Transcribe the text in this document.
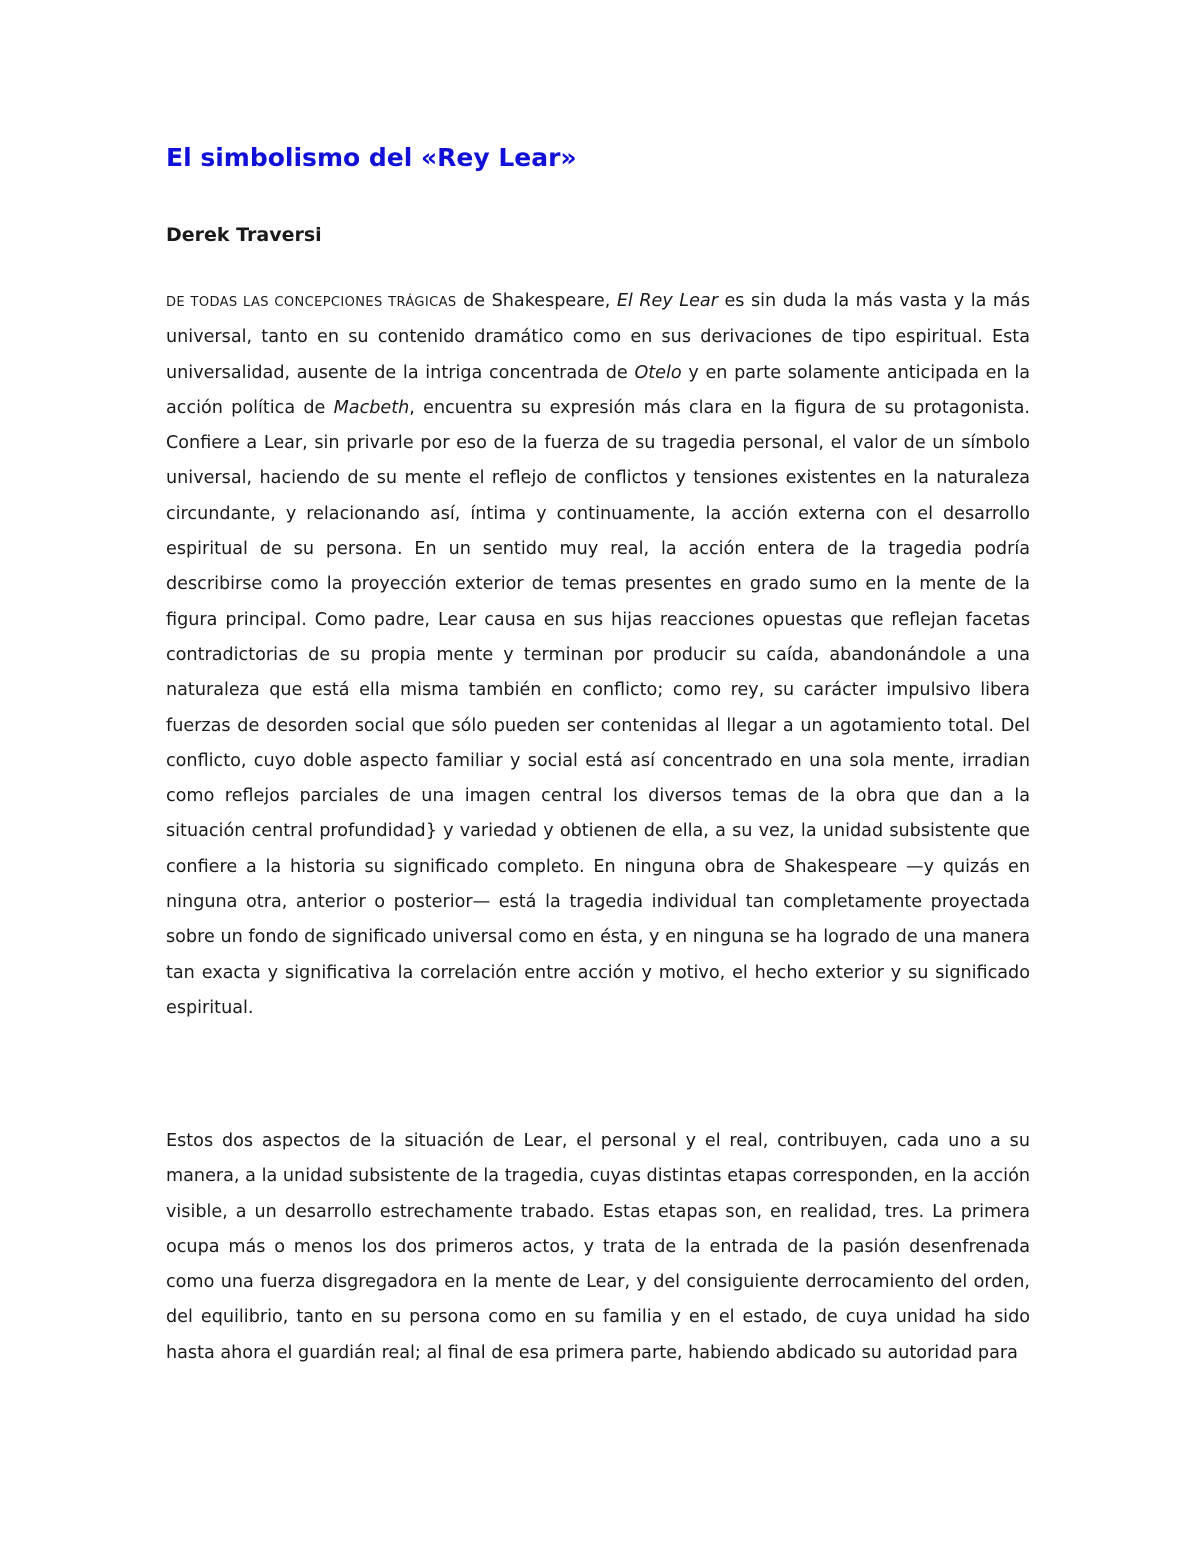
El simbolismo del «Rey Lear»
Derek Traversi

DE TODAS LAS CONCEPCIONES TRÁGICAS de Shakespeare, El Rey Lear es sin duda la más vasta y la más universal, tanto en su contenido dramático como en sus derivaciones de tipo espiritual. Esta universalidad, ausente de la intriga concentrada de Otelo y en parte solamente anticipada en la acción política de Macbeth, encuentra su expresión más clara en la figura de su protagonista. Confiere a Lear, sin privarle por eso de la fuerza de su tragedia personal, el valor de un símbolo universal, haciendo de su mente el reflejo de conflictos y tensiones existentes en la naturaleza circundante, y relacionando así, íntima y continuamente, la acción externa con el desarrollo espiritual de su persona. En un sentido muy real, la acción entera de la tragedia podría describirse como la proyección exterior de temas presentes en grado sumo en la mente de la figura principal. Como padre, Lear causa en sus hijas reacciones opuestas que reflejan facetas contradictorias de su propia mente y terminan por producir su caída, abandonándole a una naturaleza que está ella misma también en conflicto; como rey, su carácter impulsivo libera fuerzas de desorden social que sólo pueden ser contenidas al llegar a un agotamiento total. Del conflicto, cuyo doble aspecto familiar y social está así concentrado en una sola mente, irradian como reflejos parciales de una imagen central los diversos temas de la obra que dan a la situación central profundidad} y variedad y obtienen de ella, a su vez, la unidad subsistente que confiere a la historia su significado completo. En ninguna obra de Shakespeare —y quizás en ninguna otra, anterior o posterior— está la tragedia individual tan completamente proyectada sobre un fondo de significado universal como en ésta, y en ninguna se ha logrado de una manera tan exacta y significativa la correlación entre acción y motivo, el hecho exterior y su significado espiritual.

Estos dos aspectos de la situación de Lear, el personal y el real, contribuyen, cada uno a su manera, a la unidad subsistente de la tragedia, cuyas distintas etapas corresponden, en la acción visible, a un desarrollo estrechamente trabado. Estas etapas son, en realidad, tres. La primera ocupa más o menos los dos primeros actos, y trata de la entrada de la pasión desenfrenada como una fuerza disgregadora en la mente de Lear, y del consiguiente derrocamiento del orden, del equilibrio, tanto en su persona como en su familia y en el estado, de cuya unidad ha sido hasta ahora el guardián real; al final de esa primera parte, habiendo abdicado su autoridad para
